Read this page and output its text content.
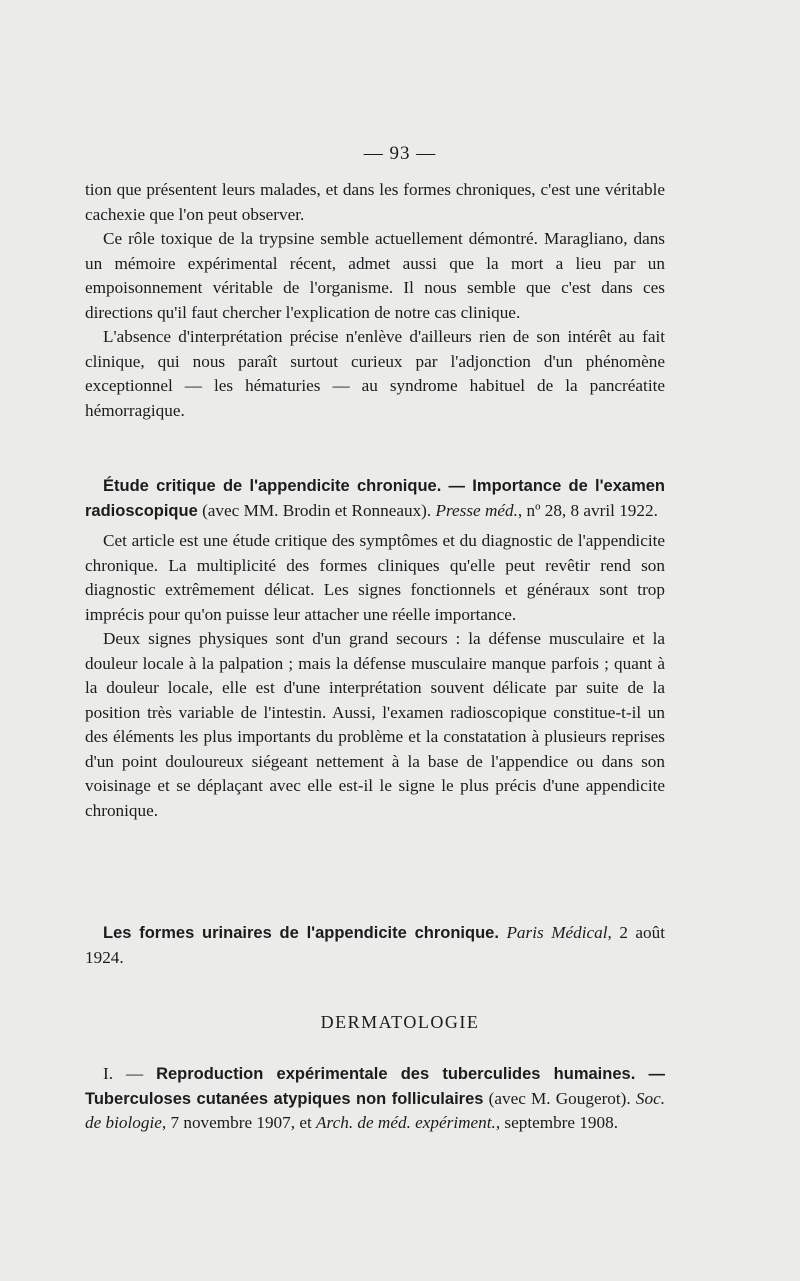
— 93 —

tion que présentent leurs malades, et dans les formes chroniques, c'est une véritable cachexie que l'on peut observer.

Ce rôle toxique de la trypsine semble actuellement démontré. Maragliano, dans un mémoire expérimental récent, admet aussi que la mort a lieu par un empoisonnement véritable de l'organisme. Il nous semble que c'est dans ces directions qu'il faut chercher l'explication de notre cas clinique.

L'absence d'interprétation précise n'enlève d'ailleurs rien de son intérêt au fait clinique, qui nous paraît surtout curieux par l'adjonction d'un phénomène exceptionnel — les hématuries — au syndrome habituel de la pancréatite hémorragique.

Étude critique de l'appendicite chronique. — Importance de l'examen radioscopique (avec MM. Brodin et Ronneaux). Presse méd., nº 28, 8 avril 1922.

Cet article est une étude critique des symptômes et du diagnostic de l'appendicite chronique. La multiplicité des formes cliniques qu'elle peut revêtir rend son diagnostic extrêmement délicat. Les signes fonctionnels et généraux sont trop imprécis pour qu'on puisse leur attacher une réelle importance.

Deux signes physiques sont d'un grand secours : la défense musculaire et la douleur locale à la palpation ; mais la défense musculaire manque parfois ; quant à la douleur locale, elle est d'une interprétation souvent délicate par suite de la position très variable de l'intestin. Aussi, l'examen radioscopique constitue-t-il un des éléments les plus importants du problème et la constatation à plusieurs reprises d'un point douloureux siégeant nettement à la base de l'appendice ou dans son voisinage et se déplaçant avec elle est-il le signe le plus précis d'une appendicite chronique.

Les formes urinaires de l'appendicite chronique. Paris Médical, 2 août 1924.

DERMATOLOGIE

I. — Reproduction expérimentale des tuberculides humaines. — Tuberculoses cutanées atypiques non folliculaires (avec M. Gougerot). Soc. de biologie, 7 novembre 1907, et Arch. de méd. expériment., septembre 1908.
